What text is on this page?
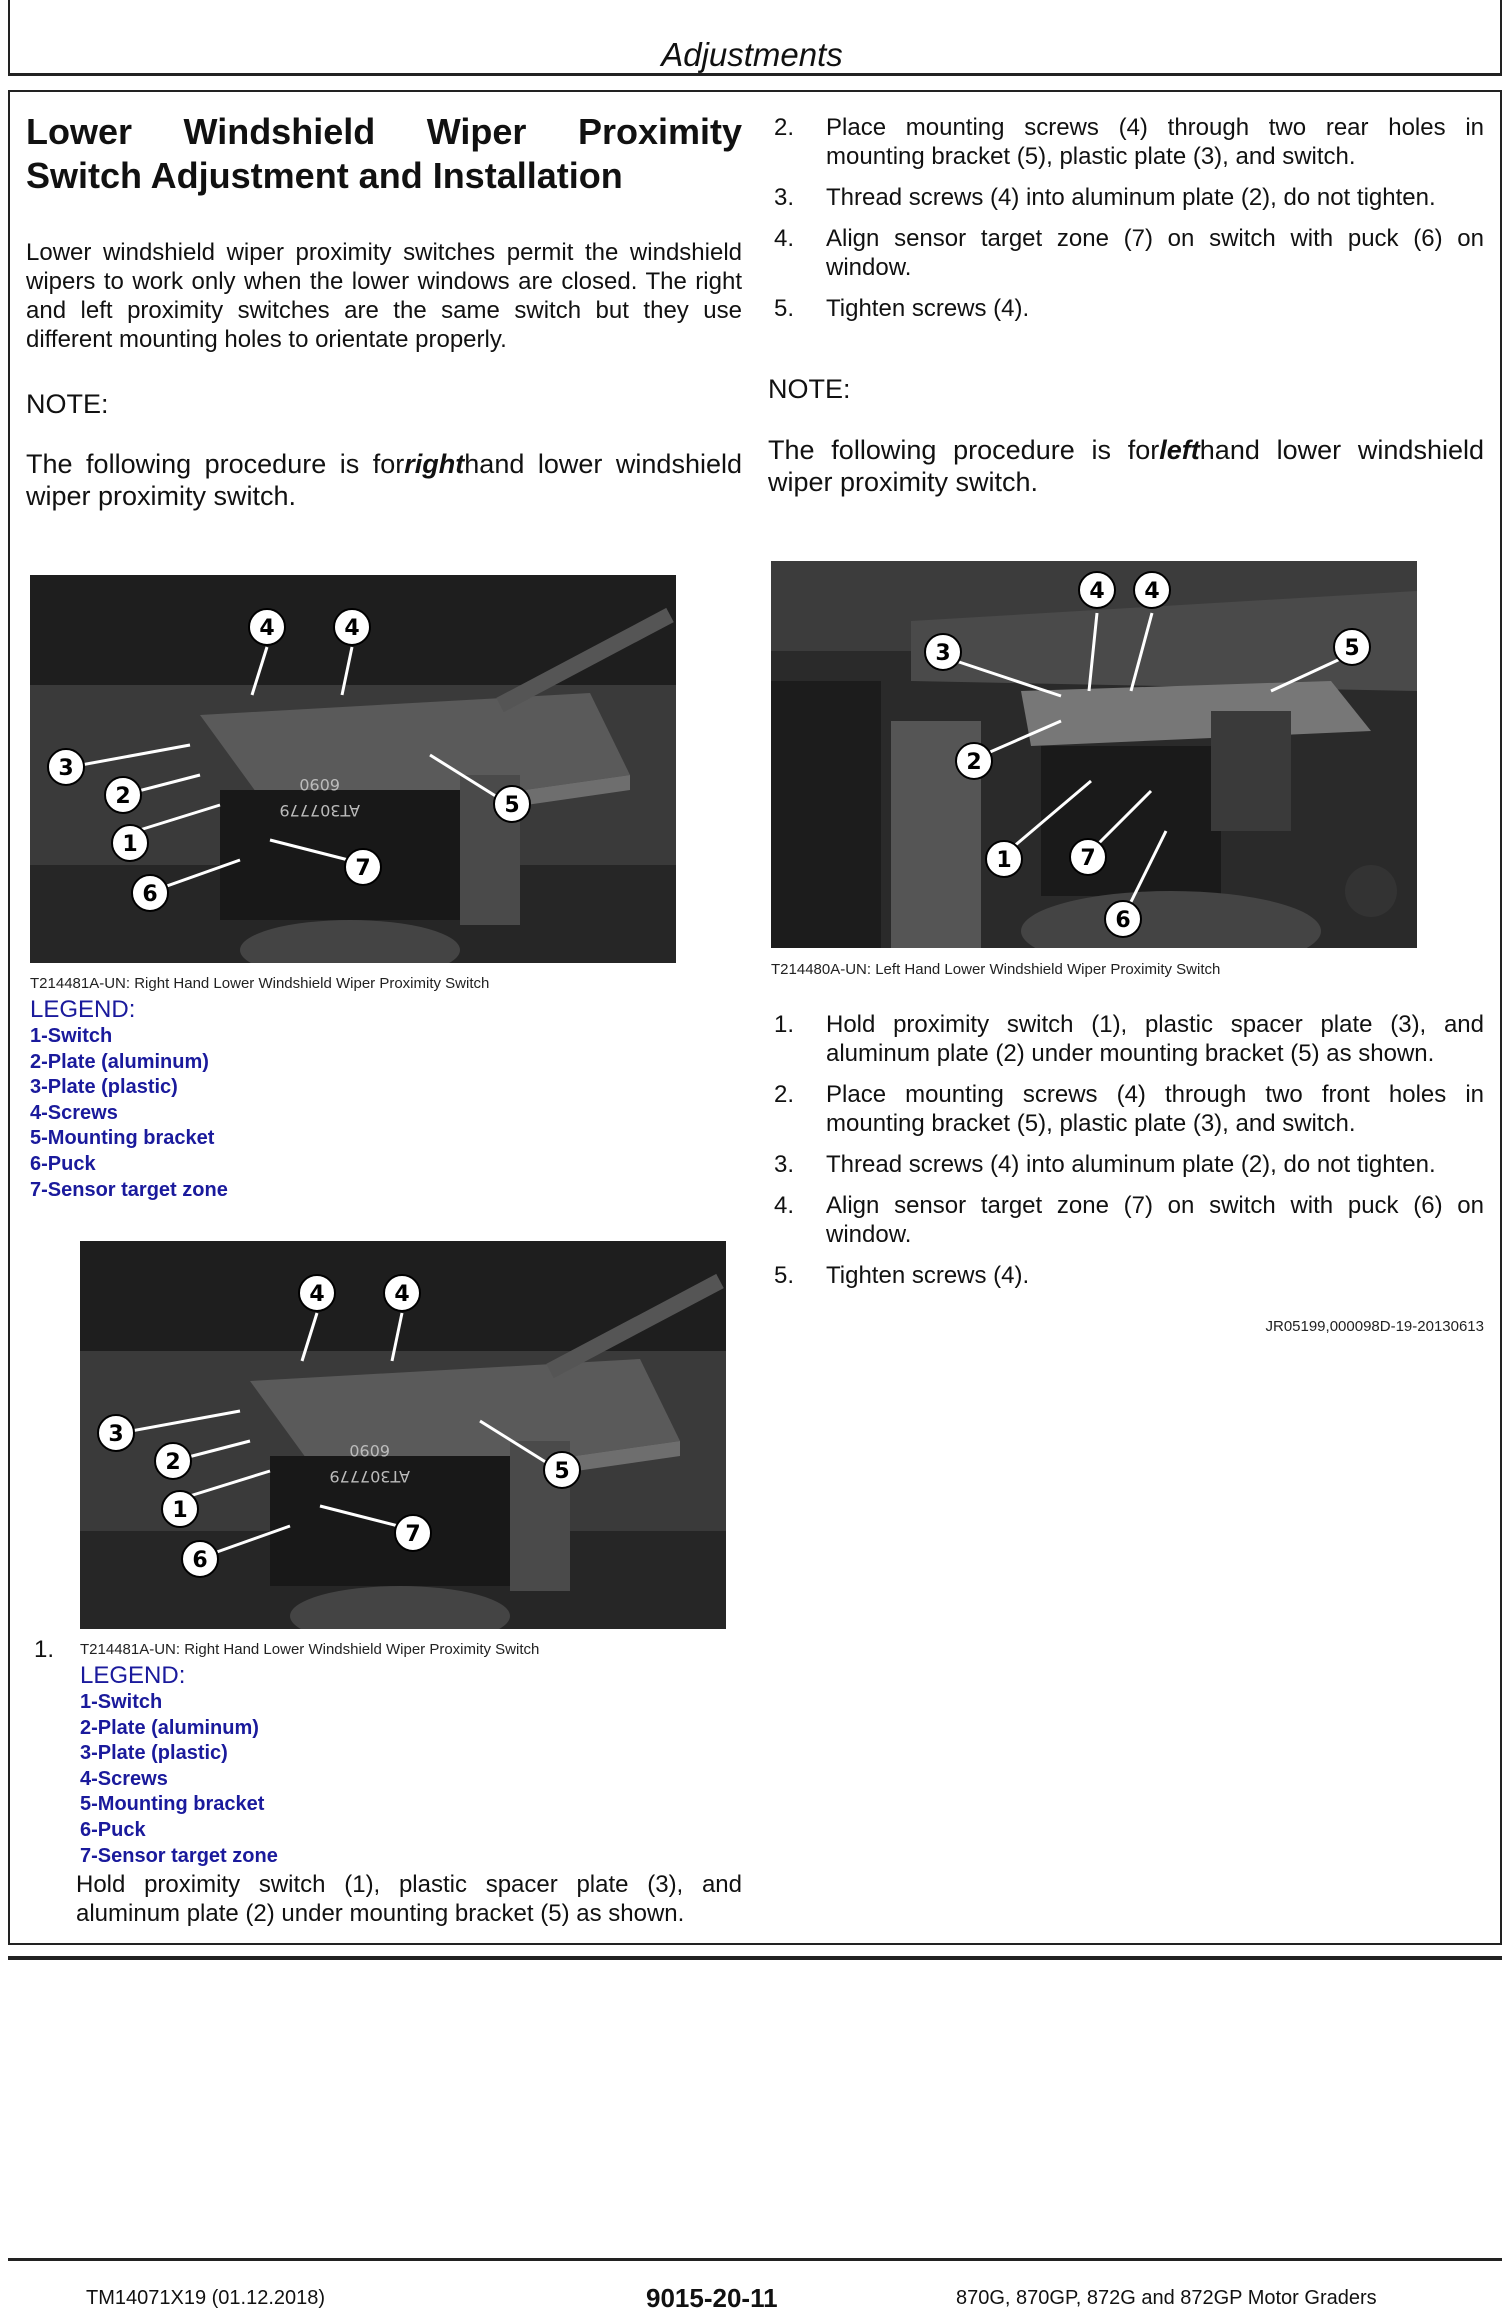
Adjustments
Lower Windshield Wiper Proximity Switch Adjustment and Installation
Lower windshield wiper proximity switches permit the windshield wipers to work only when the lower windows are closed. The right and left proximity switches are the same switch but they use different mounting holes to orientate properly.
NOTE:
The following procedure is forrighthand lower windshield wiper proximity switch.
2. Place mounting screws (4) through two rear holes in mounting bracket (5), plastic plate (3), and switch.
3. Thread screws (4) into aluminum plate (2), do not tighten.
4. Align sensor target zone (7) on switch with puck (6) on window.
5. Tighten screws (4).
NOTE:
The following procedure is forlefthand lower windshield wiper proximity switch.
6090
AT307779
4	4
3
2
1
6
7
5
T214481A-UN: Right Hand Lower Windshield Wiper Proximity Switch
LEGEND:
1-Switch
2-Plate (aluminum)
3-Plate (plastic)
4-Screws
5-Mounting bracket
6-Puck
7-Sensor target zone
4 4
3	5
2
1	7
6
T214480A-UN: Left Hand Lower Windshield Wiper Proximity Switch
1. Hold proximity switch (1), plastic spacer plate (3), and aluminum plate (2) under mounting bracket (5) as shown.
2. Place mounting screws (4) through two front holes in mounting bracket (5), plastic plate (3), and switch.
3. Thread screws (4) into aluminum plate (2), do not tighten.
4. Align sensor target zone (7) on switch with puck (6) on window.
5. Tighten screws (4).
JR05199,000098D-19-20130613
1.
6090
AT307779
4	4
3
2
1
6
7
5
T214481A-UN: Right Hand Lower Windshield Wiper Proximity Switch
LEGEND:
1-Switch
2-Plate (aluminum)
3-Plate (plastic)
4-Screws
5-Mounting bracket
6-Puck
7-Sensor target zone
Hold proximity switch (1), plastic spacer plate (3), and aluminum plate (2) under mounting bracket (5) as shown.
TM14071X19 (01.12.2018)	9015-20-11	870G, 870GP, 872G and 872GP Motor Graders
